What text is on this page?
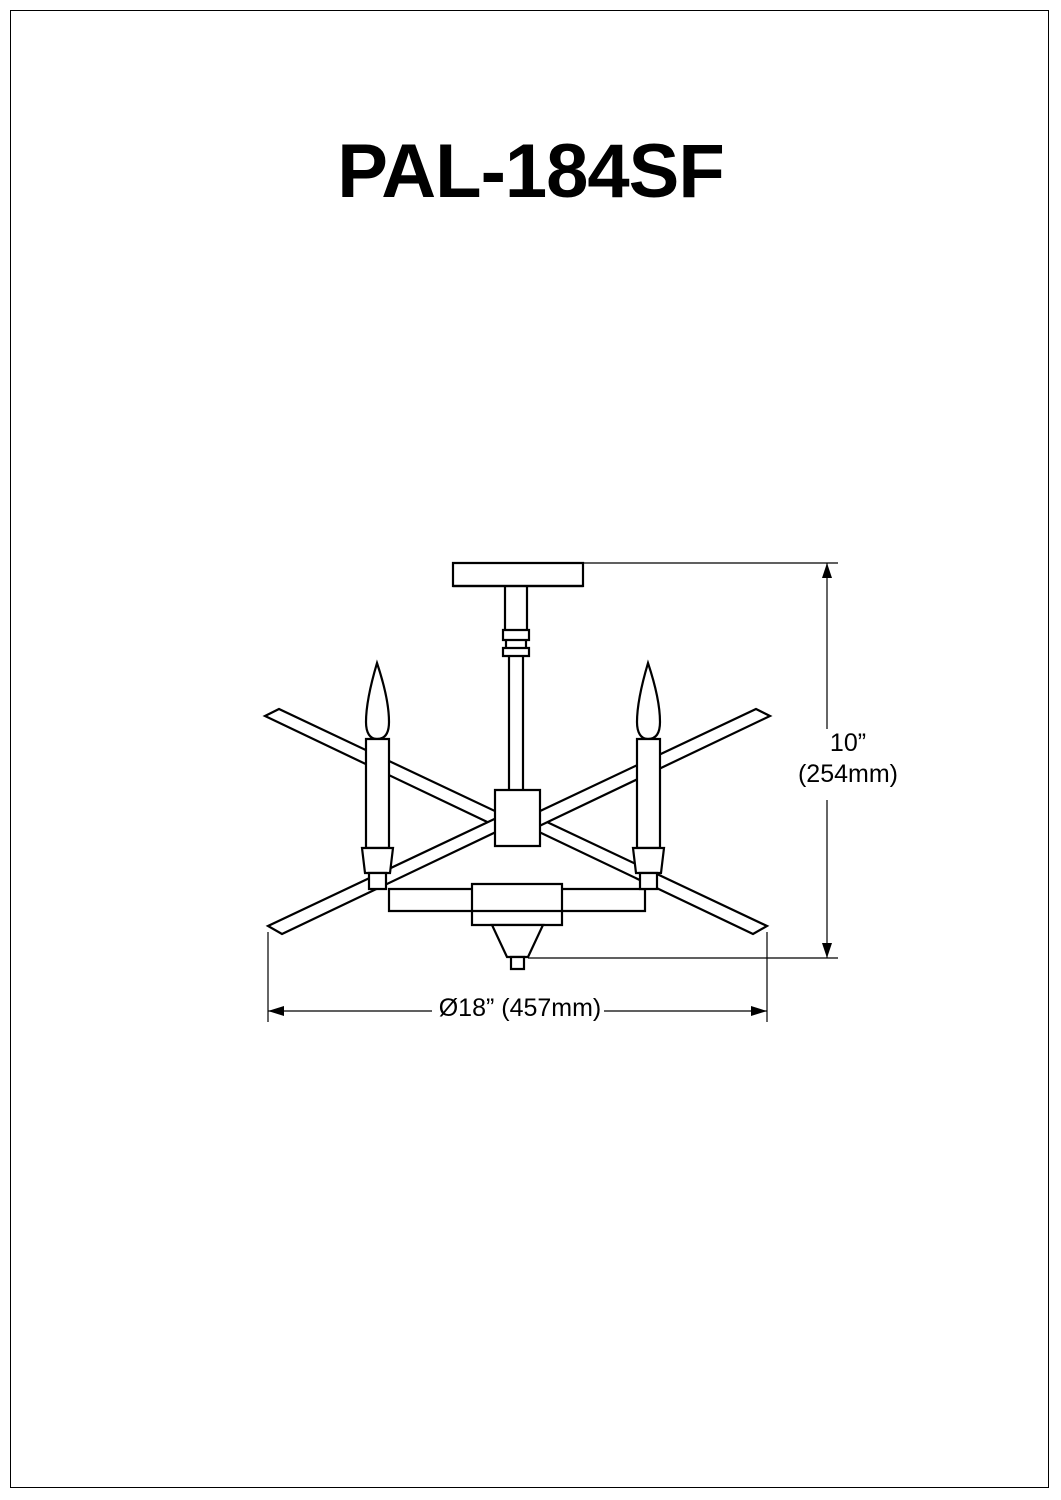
PAL-184SF
10”
(254mm)
Ø18” (457mm)
